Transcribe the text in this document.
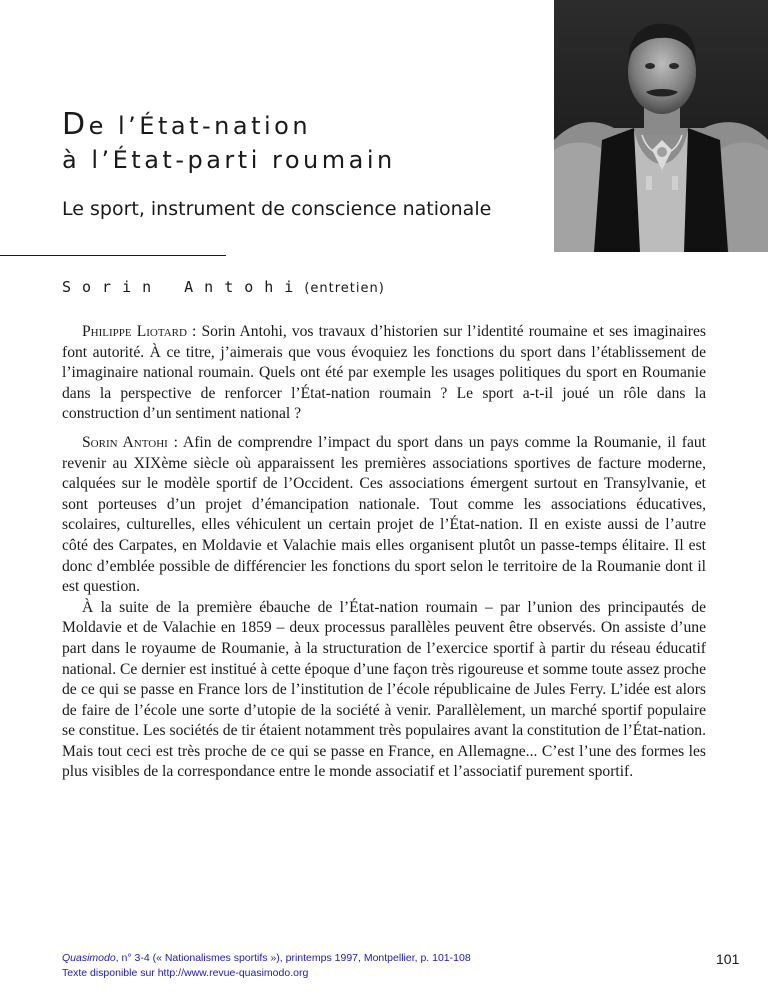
De l’État-nation
à l’État-parti roumain
Le sport, instrument de conscience nationale
Sorin Antohi(entretien)

Philippe Liotard : Sorin Antohi, vos travaux d’historien sur l’identité roumaine et ses imaginaires font autorité. À ce titre, j’aimerais que vous évoquiez les fonctions du sport dans l’établissement de l’imaginaire national roumain. Quels ont été par exemple les usages politiques du sport en Roumanie dans la perspective de renforcer l’État-nation roumain ? Le sport a-t-il joué un rôle dans la construction d’un sentiment national ?

Sorin Antohi : Afin de comprendre l’impact du sport dans un pays comme la Roumanie, il faut revenir au XIXème siècle où apparaissent les premières associations sportives de facture moderne, calquées sur le modèle sportif de l’Occident. Ces associations émergent surtout en Transylvanie, et sont porteuses d’un projet d’émancipation nationale. Tout comme les associations éducatives, scolaires, culturelles, elles véhiculent un certain projet de l’État-nation. Il en existe aussi de l’autre côté des Carpates, en Moldavie et Valachie mais elles organisent plutôt un passe-temps élitaire. Il est donc d’emblée possible de différencier les fonctions du sport selon le territoire de la Roumanie dont il est question.

À la suite de la première ébauche de l’État-nation roumain – par l’union des principautés de Moldavie et de Valachie en 1859 – deux processus parallèles peuvent être observés. On assiste d’une part dans le royaume de Roumanie, à la structuration de l’exercice sportif à partir du réseau éducatif national. Ce dernier est institué à cette époque d’une façon très rigoureuse et somme toute assez proche de ce qui se passe en France lors de l’institution de l’école républicaine de Jules Ferry. L’idée est alors de faire de l’école une sorte d’utopie de la société à venir. Parallèlement, un marché sportif populaire se constitue. Les sociétés de tir étaient notamment très populaires avant la constitution de l’État-nation. Mais tout ceci est très proche de ce qui se passe en France, en Allemagne... C’est l’une des formes les plus visibles de la correspondance entre le monde associatif et l’associatif purement sportif.

Quasimodo, n° 3-4 (« Nationalismes sportifs »), printemps 1997, Montpellier, p. 101-108
Texte disponible sur http://www.revue-quasimodo.org
101
